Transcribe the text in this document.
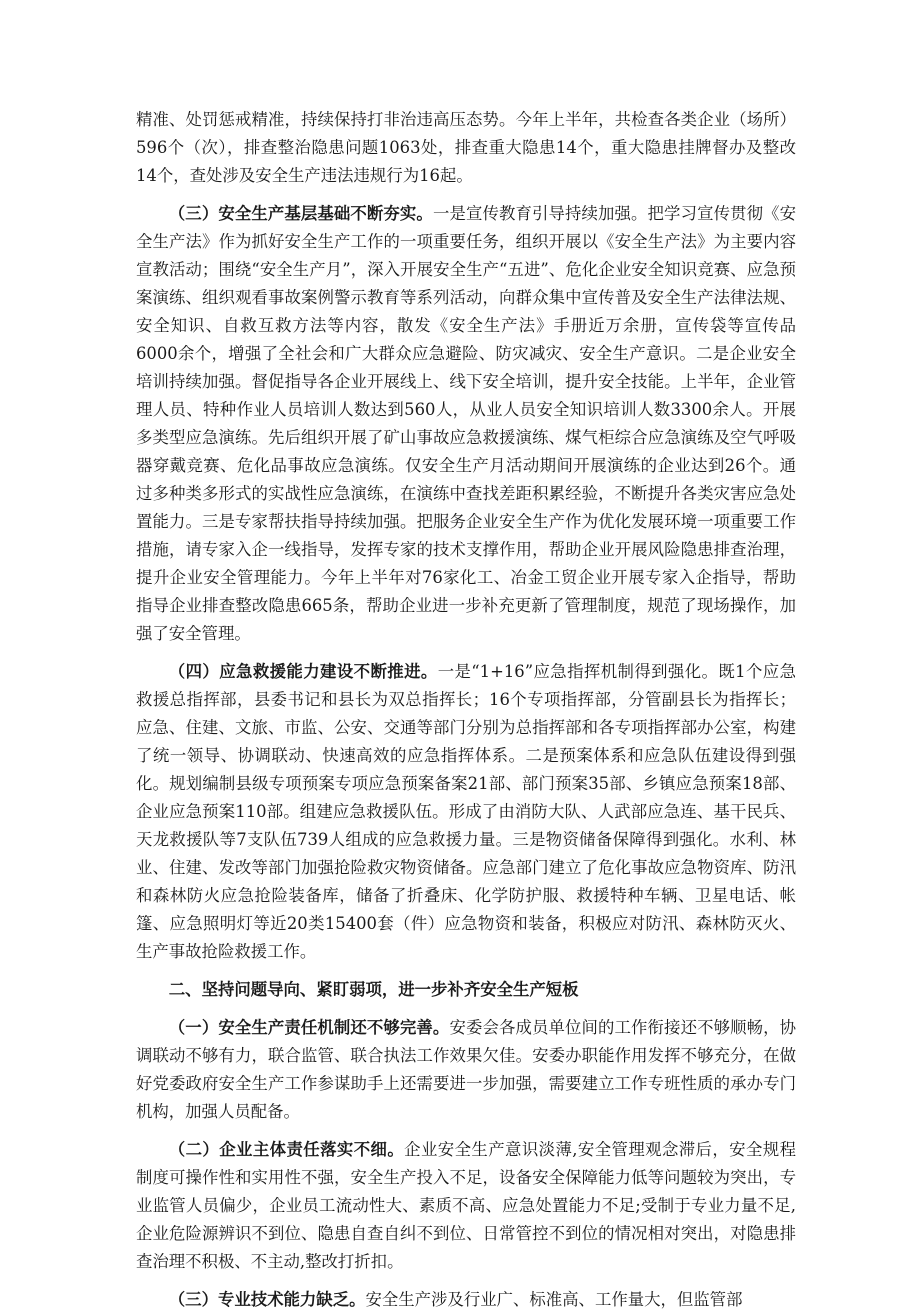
精准、处罚惩戒精准，持续保持打非治违高压态势。今年上半年，共检查各类企业（场所）596个（次），排查整治隐患问题1063处，排查重大隐患14个，重大隐患挂牌督办及整改14个，查处涉及安全生产违法违规行为16起。

（三）安全生产基层基础不断夯实。一是宣传教育引导持续加强。把学习宣传贯彻《安全生产法》作为抓好安全生产工作的一项重要任务，组织开展以《安全生产法》为主要内容宣教活动；围绕“安全生产月”，深入开展安全生产“五进”、危化企业安全知识竞赛、应急预案演练、组织观看事故案例警示教育等系列活动，向群众集中宣传普及安全生产法律法规、安全知识、自救互救方法等内容，散发《安全生产法》手册近万余册，宣传袋等宣传品6000余个，增强了全社会和广大群众应急避险、防灾减灾、安全生产意识。二是企业安全培训持续加强。督促指导各企业开展线上、线下安全培训，提升安全技能。上半年，企业管理人员、特种作业人员培训人数达到560人，从业人员安全知识培训人数3300余人。开展多类型应急演练。先后组织开展了矿山事故应急救援演练、煤气柜综合应急演练及空气呼吸器穿戴竞赛、危化品事故应急演练。仅安全生产月活动期间开展演练的企业达到26个。通过多种类多形式的实战性应急演练，在演练中查找差距积累经验，不断提升各类灾害应急处置能力。三是专家帮扶指导持续加强。把服务企业安全生产作为优化发展环境一项重要工作措施，请专家入企一线指导，发挥专家的技术支撑作用，帮助企业开展风险隐患排查治理，提升企业安全管理能力。今年上半年对76家化工、冶金工贸企业开展专家入企指导，帮助指导企业排查整改隐患665条，帮助企业进一步补充更新了管理制度，规范了现场操作，加强了安全管理。

（四）应急救援能力建设不断推进。一是“1+16”应急指挥机制得到强化。既1个应急救援总指挥部，县委书记和县长为双总指挥长；16个专项指挥部，分管副县长为指挥长；应急、住建、文旅、市监、公安、交通等部门分别为总指挥部和各专项指挥部办公室，构建了统一领导、协调联动、快速高效的应急指挥体系。二是预案体系和应急队伍建设得到强化。规划编制县级专项预案专项应急预案备案21部、部门预案35部、乡镇应急预案18部、企业应急预案110部。组建应急救援队伍。形成了由消防大队、人武部应急连、基干民兵、天龙救援队等7支队伍739人组成的应急救援力量。三是物资储备保障得到强化。水利、林业、住建、发改等部门加强抢险救灾物资储备。应急部门建立了危化事故应急物资库、防汛和森林防火应急抢险装备库，储备了折叠床、化学防护服、救援特种车辆、卫星电话、帐篷、应急照明灯等近20类15400套（件）应急物资和装备，积极应对防汛、森林防灭火、生产事故抢险救援工作。

二、坚持问题导向、紧盯弱项，进一步补齐安全生产短板

（一）安全生产责任机制还不够完善。安委会各成员单位间的工作衔接还不够顺畅，协调联动不够有力，联合监管、联合执法工作效果欠佳。安委办职能作用发挥不够充分，在做好党委政府安全生产工作参谋助手上还需要进一步加强，需要建立工作专班性质的承办专门机构，加强人员配备。

（二）企业主体责任落实不细。企业安全生产意识淡薄,安全管理观念滞后，安全规程制度可操作性和实用性不强，安全生产投入不足，设备安全保障能力低等问题较为突出，专业监管人员偏少，企业员工流动性大、素质不高、应急处置能力不足;受制于专业力量不足,企业危险源辨识不到位、隐患自查自纠不到位、日常管控不到位的情况相对突出，对隐患排查治理不积极、不主动,整改打折扣。

（三）专业技术能力缺乏。安全生产涉及行业广、标准高、工作量大，但监管部
